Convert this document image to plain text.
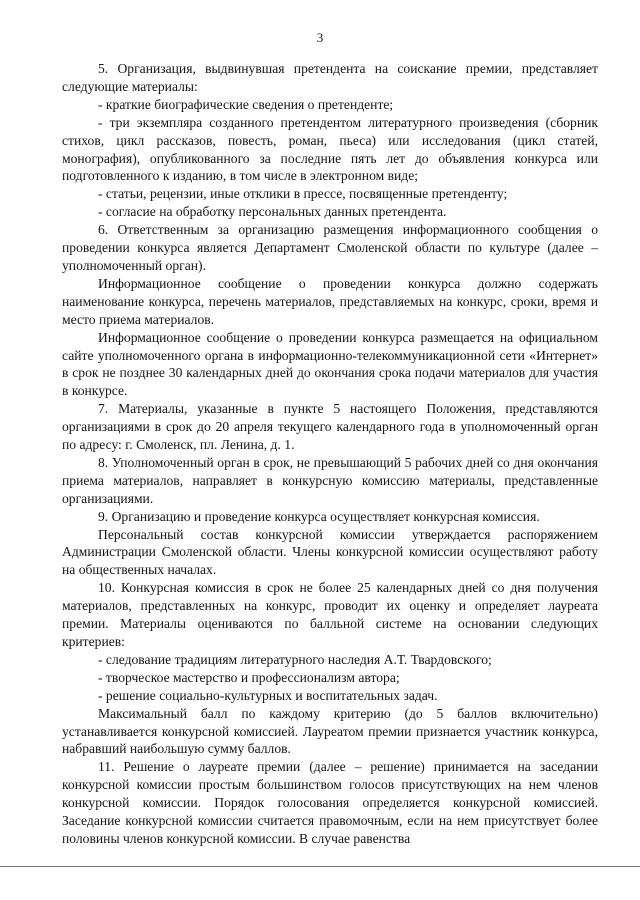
3

5. Организация, выдвинувшая претендента на соискание премии, представляет следующие материалы:

- краткие биографические сведения о претенденте;

- три экземпляра созданного претендентом литературного произведения (сборник стихов, цикл рассказов, повесть, роман, пьеса) или исследования (цикл статей, монография), опубликованного за последние пять лет до объявления конкурса или подготовленного к изданию, в том числе в электронном виде;

- статьи, рецензии, иные отклики в прессе, посвященные претенденту;

- согласие на обработку персональных данных претендента.

6. Ответственным за организацию размещения информационного сообщения о проведении конкурса является Департамент Смоленской области по культуре (далее – уполномоченный орган).

Информационное сообщение о проведении конкурса должно содержать наименование конкурса, перечень материалов, представляемых на конкурс, сроки, время и место приема материалов.

Информационное сообщение о проведении конкурса размещается на официальном сайте уполномоченного органа в информационно-телекоммуникационной сети «Интернет» в срок не позднее 30 календарных дней до окончания срока подачи материалов для участия в конкурсе.

7. Материалы, указанные в пункте 5 настоящего Положения, представляются организациями в срок до 20 апреля текущего календарного года в уполномоченный орган по адресу: г. Смоленск, пл. Ленина, д. 1.

8. Уполномоченный орган в срок, не превышающий 5 рабочих дней со дня окончания приема материалов, направляет в конкурсную комиссию материалы, представленные организациями.

9. Организацию и проведение конкурса осуществляет конкурсная комиссия.

Персональный состав конкурсной комиссии утверждается распоряжением Администрации Смоленской области. Члены конкурсной комиссии осуществляют работу на общественных началах.

10. Конкурсная комиссия в срок не более 25 календарных дней со дня получения материалов, представленных на конкурс, проводит их оценку и определяет лауреата премии. Материалы оцениваются по балльной системе на основании следующих критериев:

- следование традициям литературного наследия А.Т. Твардовского;

- творческое мастерство и профессионализм автора;

- решение социально-культурных и воспитательных задач.

Максимальный балл по каждому критерию (до 5 баллов включительно) устанавливается конкурсной комиссией. Лауреатом премии признается участник конкурса, набравший наибольшую сумму баллов.

11. Решение о лауреате премии (далее – решение) принимается на заседании конкурсной комиссии простым большинством голосов присутствующих на нем членов конкурсной комиссии. Порядок голосования определяется конкурсной комиссией. Заседание конкурсной комиссии считается правомочным, если на нем присутствует более половины членов конкурсной комиссии. В случае равенства
